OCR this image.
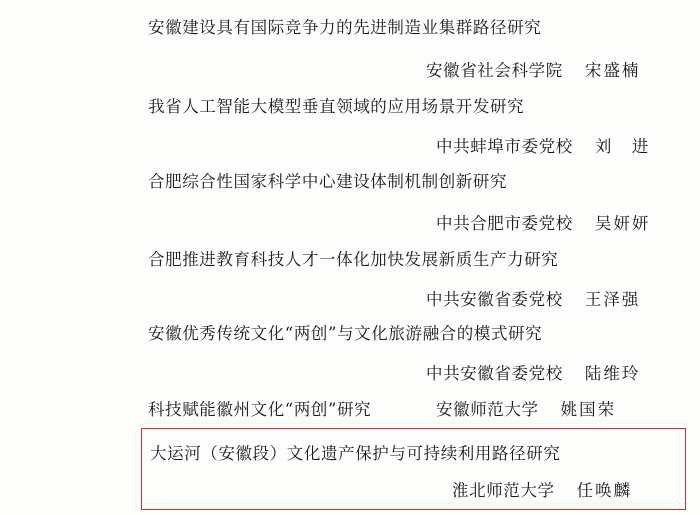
安徽建设具有国际竞争力的先进制造业集群路径研究
安徽省社会科学院 宋盛楠
我省人工智能大模型垂直领域的应用场景开发研究
中共蚌埠市委党校 刘　进
合肥综合性国家科学中心建设体制机制创新研究
中共合肥市委党校 吴妍妍
合肥推进教育科技人才一体化加快发展新质生产力研究
中共安徽省委党校 王泽强
安徽优秀传统文化“两创”与文化旅游融合的模式研究
中共安徽省委党校 陆维玲
科技赋能徽州文化“两创”研究	安徽师范大学 姚国荣
大运河（安徽段）文化遗产保护与可持续利用路径研究
淮北师范大学 任唤麟
